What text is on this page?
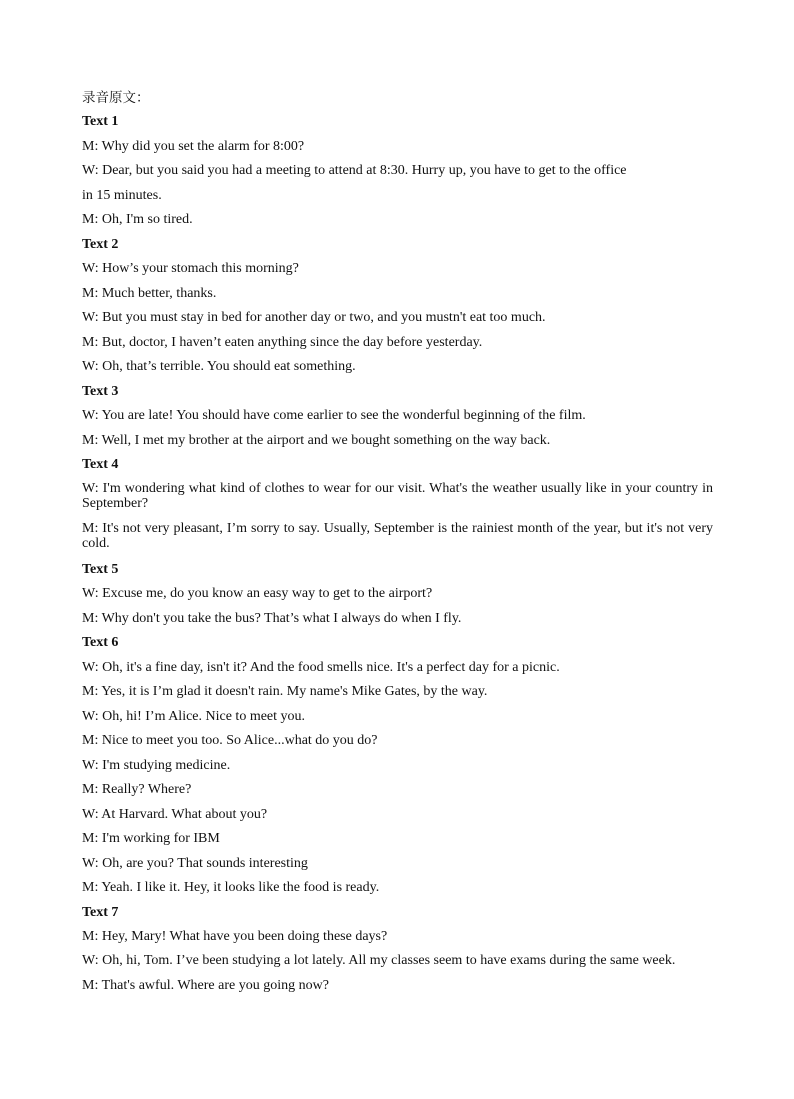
录音原文：
Text 1
M: Why did you set the alarm for 8:00?
W: Dear, but you said you had a meeting to attend at 8:30. Hurry up, you have to get to the office
in 15 minutes.
M: Oh, I'm so tired.
Text 2
W: How’s your stomach this morning?
M: Much better, thanks.
W: But you must stay in bed for another day or two, and you mustn't eat too much.
M: But, doctor, I haven’t eaten anything since the day before yesterday.
W: Oh, that’s terrible. You should eat something.
Text 3
W: You are late! You should have come earlier to see the wonderful beginning of the film.
M: Well, I met my brother at the airport and we bought something on the way back.
Text 4
W: I'm wondering what kind of clothes to wear for our visit. What's the weather usually like in your country in September?
M: It's not very pleasant, I’m sorry to say. Usually, September is the rainiest month of the year, but it's not very cold.
Text 5
W: Excuse me, do you know an easy way to get to the airport?
M: Why don't you take the bus? That’s what I always do when I fly.
Text 6
W: Oh, it's a fine day, isn't it? And the food smells nice. It's a perfect day for a picnic.
M: Yes, it is I’m glad it doesn't rain. My name's Mike Gates, by the way.
W: Oh, hi! I’m Alice. Nice to meet you.
M: Nice to meet you too. So Alice...what do you do?
W: I'm studying medicine.
M: Really? Where?
W: At Harvard. What about you?
M: I'm working for IBM
W: Oh, are you? That sounds interesting
M: Yeah. I like it. Hey, it looks like the food is ready.
Text 7
M: Hey, Mary! What have you been doing these days?
W: Oh, hi, Tom. I’ve been studying a lot lately. All my classes seem to have exams during the same week.
M: That's awful. Where are you going now?
